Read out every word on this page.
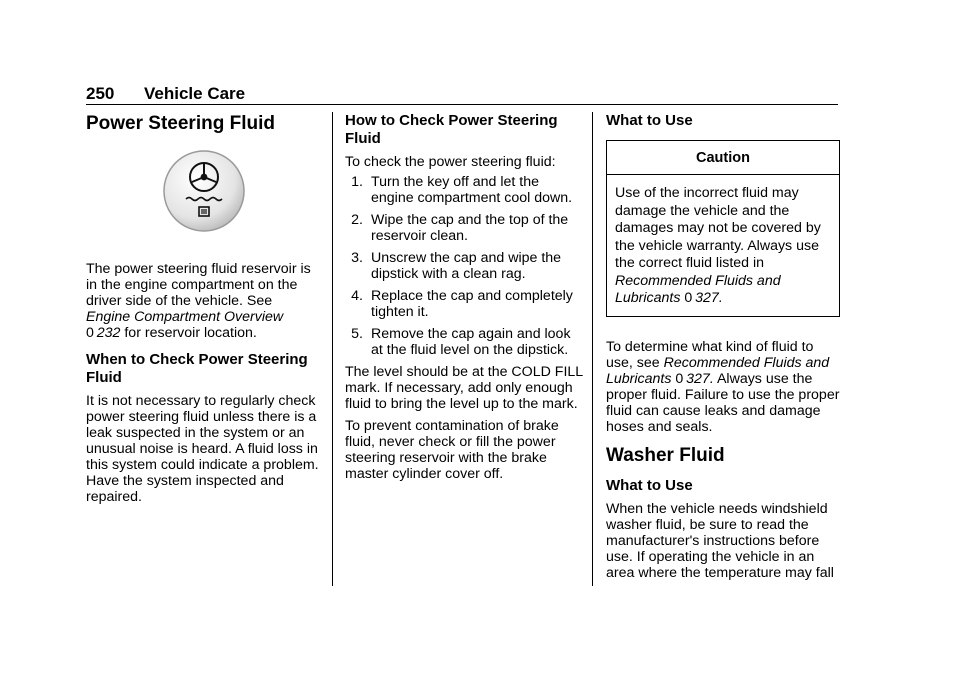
250 Vehicle Care
Power Steering Fluid

The power steering fluid reservoir is in the engine compartment on the driver side of the vehicle. See
Engine Compartment Overview
0  232 for reservoir location.

When to Check Power Steering Fluid

It is not necessary to regularly check power steering fluid unless there is a leak suspected in the system or an unusual noise is heard. A fluid loss in this system could indicate a problem. Have the system inspected and repaired.

How to Check Power Steering Fluid

To check the power steering fluid:

1. Turn the key off and let the engine compartment cool down.
2. Wipe the cap and the top of the reservoir clean.
3. Unscrew the cap and wipe the dipstick with a clean rag.
4. Replace the cap and completely tighten it.
5. Remove the cap again and look at the fluid level on the dipstick.

The level should be at the COLD FILL mark. If necessary, add only enough fluid to bring the level up to the mark.

To prevent contamination of brake fluid, never check or fill the power steering reservoir with the brake master cylinder cover off.

What to Use
Caution
Use of the incorrect fluid may damage the vehicle and the damages may not be covered by the vehicle warranty. Always use the correct fluid listed in Recommended Fluids and Lubricants 0  327.

To determine what kind of fluid to use, see Recommended Fluids and Lubricants 0  327. Always use the proper fluid. Failure to use the proper fluid can cause leaks and damage hoses and seals.

Washer Fluid
What to Use

When the vehicle needs windshield washer fluid, be sure to read the manufacturer's instructions before use. If operating the vehicle in an area where the temperature may fall
